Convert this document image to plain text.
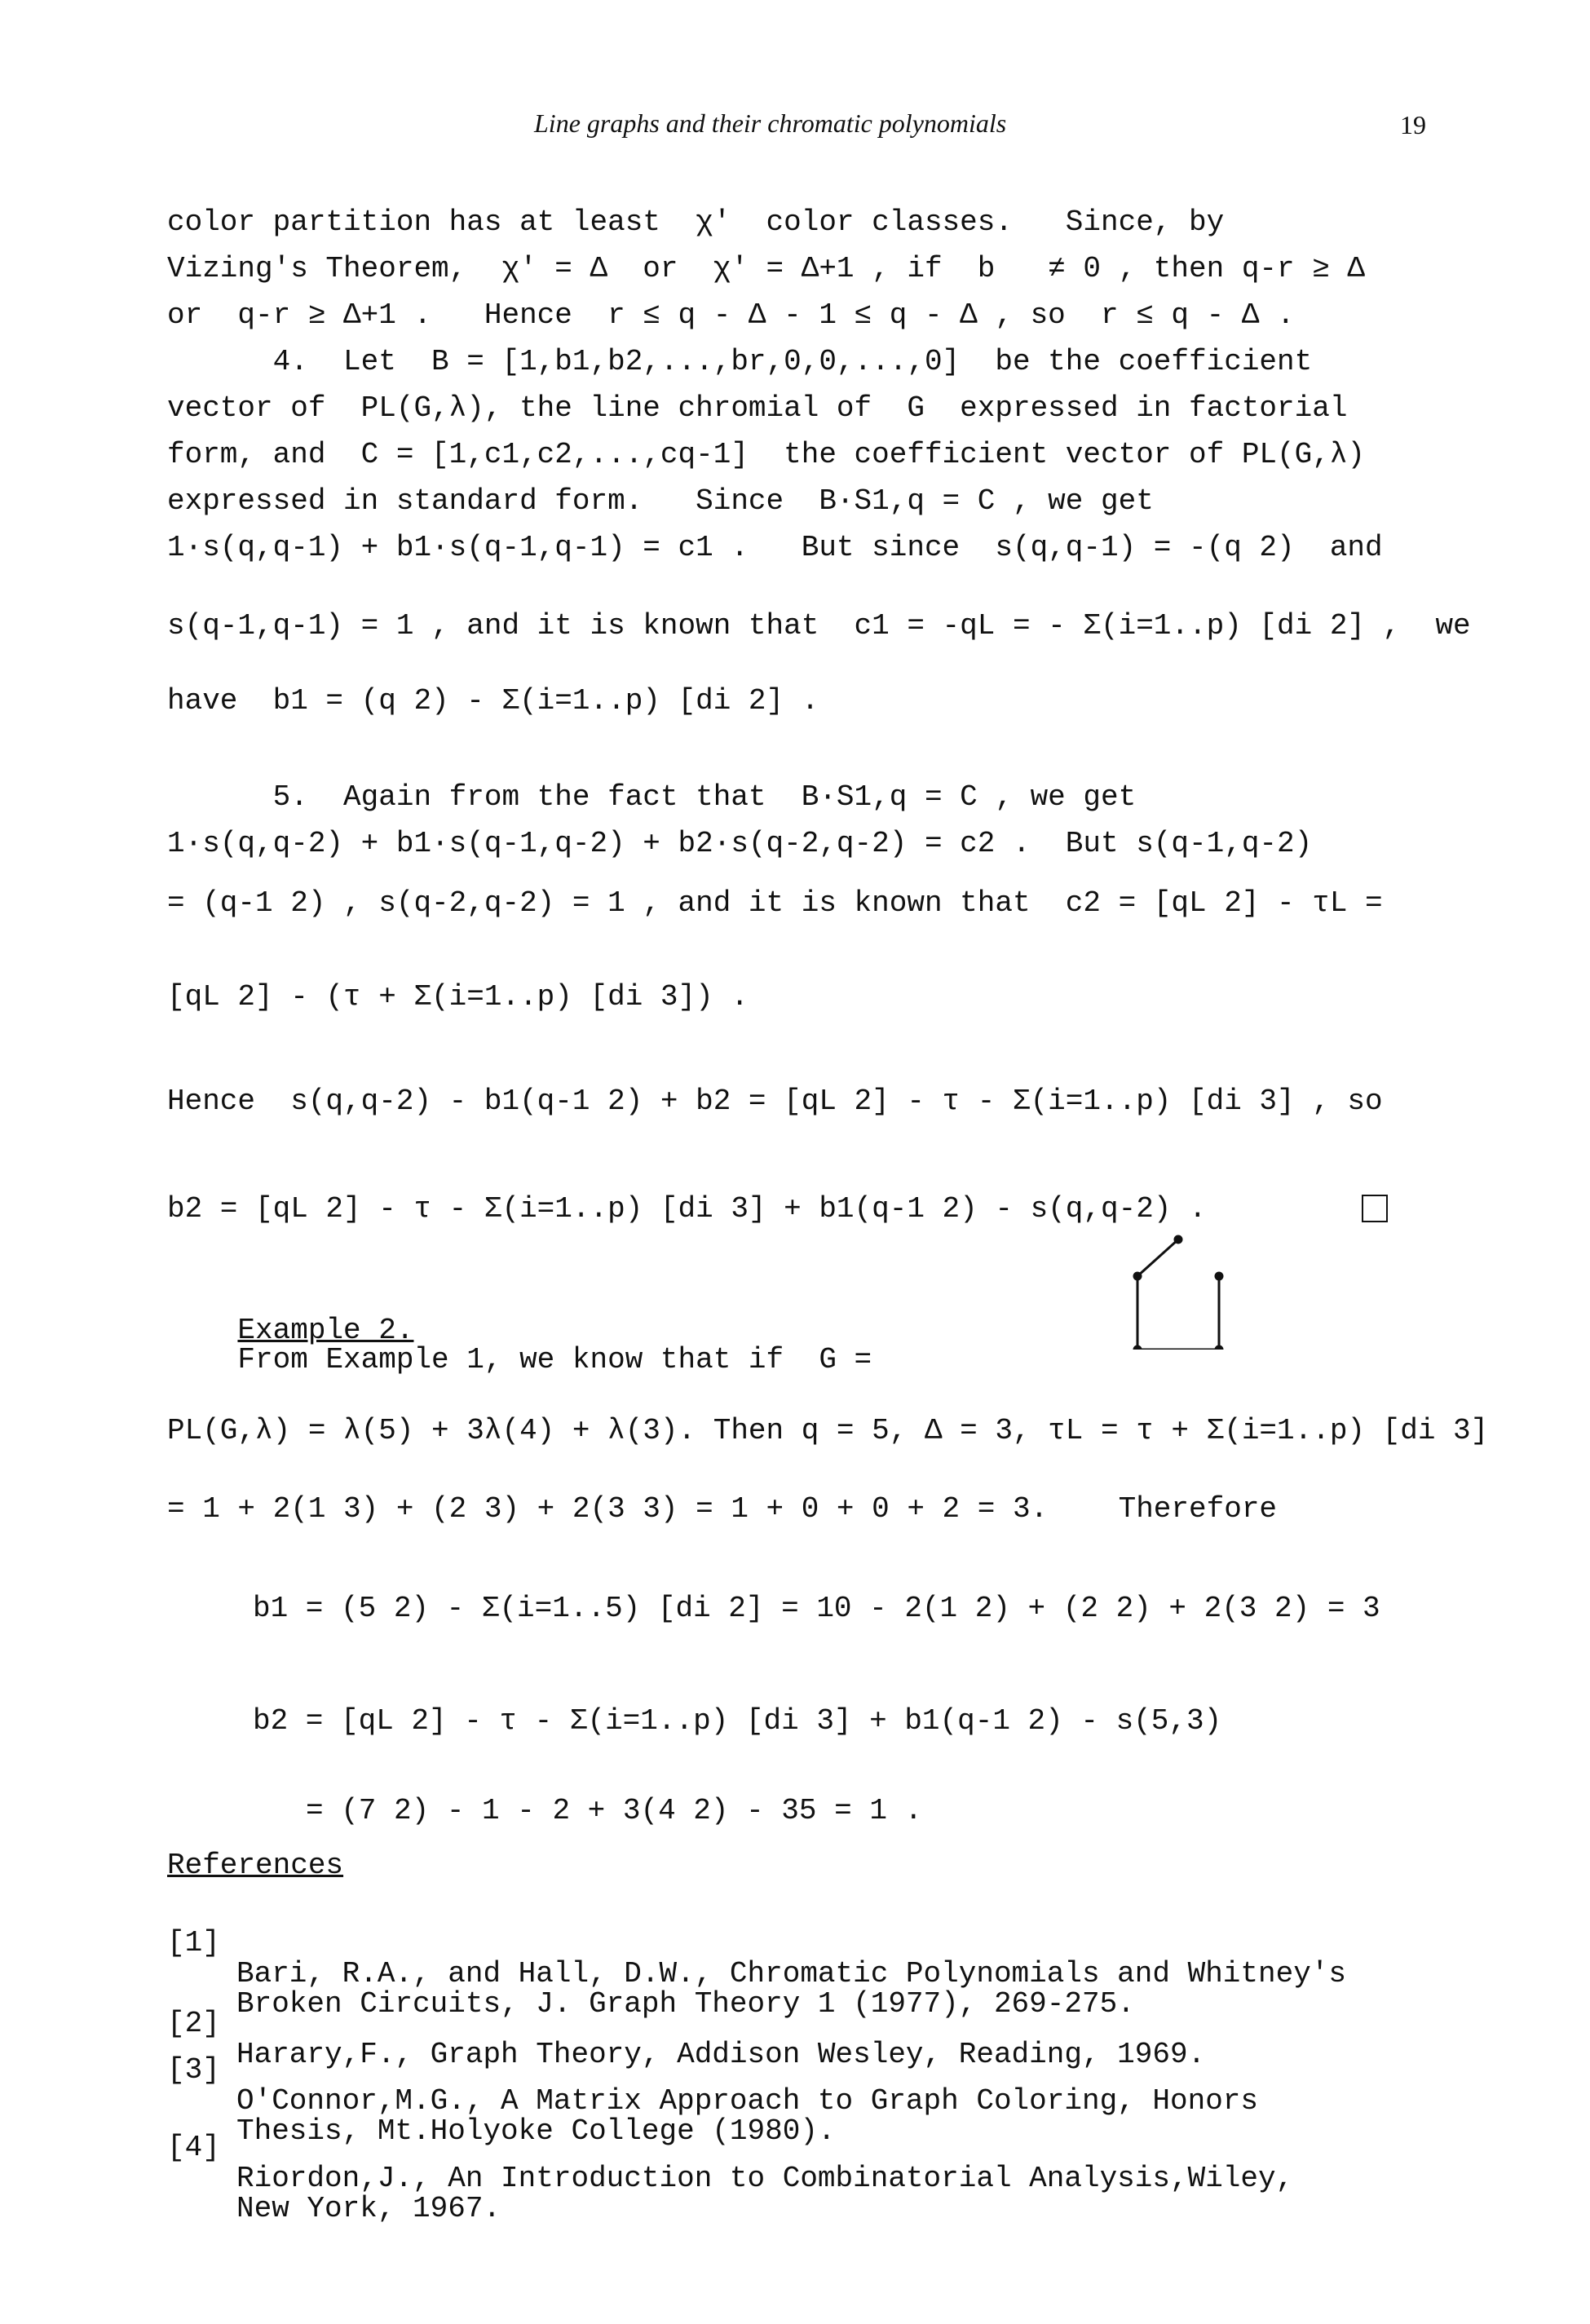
Line graphs and their chromatic polynomials	19
color partition has at least  χ'  color classes.   Since, by
Vizing's Theorem,  χ' = Δ  or  χ' = Δ+1 , if  b   ≠ 0 , then q-r ≥ Δ
or  q-r ≥ Δ+1 .   Hence  r ≤ q - Δ - 1 ≤ q - Δ , so  r ≤ q - Δ .
4.  Let  B = [1,b1,b2,...,br,0,0,...,0]  be the coefficient
vector of  PL(G,λ), the line chromial of  G  expressed in factorial
form, and  C = [1,c1,c2,...,cq-1]  the coefficient vector of PL(G,λ)
expressed in standard form.   Since  B·S1,q = C , we get
1·s(q,q-1) + b1·s(q-1,q-1) = c1 .   But since  s(q,q-1) = -(q 2)  and
s(q-1,q-1) = 1 , and it is known that  c1 = -qL = - Σ(i=1..p) [di 2] ,  we
have  b1 = (q 2) - Σ(i=1..p) [di 2] .
5.  Again from the fact that  B·S1,q = C , we get
1·s(q,q-2) + b1·s(q-1,q-2) + b2·s(q-2,q-2) = c2 .  But s(q-1,q-2)
= (q-1 2) , s(q-2,q-2) = 1 , and it is known that  c2 = [qL 2] - τL =
[qL 2] - (τ + Σ(i=1..p) [di 3]) .
Hence  s(q,q-2) - b1(q-1 2) + b2 = [qL 2] - τ - Σ(i=1..p) [di 3] , so
b2 = [qL 2] - τ - Σ(i=1..p) [di 3] + b1(q-1 2) - s(q,q-2) .

Example 2.
From Example 1, we know that if  G =

PL(G,λ) = λ(5) + 3λ(4) + λ(3). Then q = 5, Δ = 3, τL = τ + Σ(i=1..p) [di 3]
= 1 + 2(1 3) + (2 3) + 2(3 3) = 1 + 0 + 0 + 2 = 3.    Therefore
b1 = (5 2) - Σ(i=1..5) [di 2] = 10 - 2(1 2) + (2 2) + 2(3 2) = 3
b2 = [qL 2] - τ - Σ(i=1..p) [di 3] + b1(q-1 2) - s(5,3)
= (7 2) - 1 - 2 + 3(4 2) - 35 = 1 .
References

[1]

Bari, R.A., and Hall, D.W., Chromatic Polynomials and Whitney's
Broken Circuits, J. Graph Theory 1 (1977), 269-275.

[2]

Harary,F., Graph Theory, Addison Wesley, Reading, 1969.

[3]

O'Connor,M.G., A Matrix Approach to Graph Coloring, Honors
Thesis, Mt.Holyoke College (1980).

[4]

Riordon,J., An Introduction to Combinatorial Analysis,Wiley,
New York, 1967.
